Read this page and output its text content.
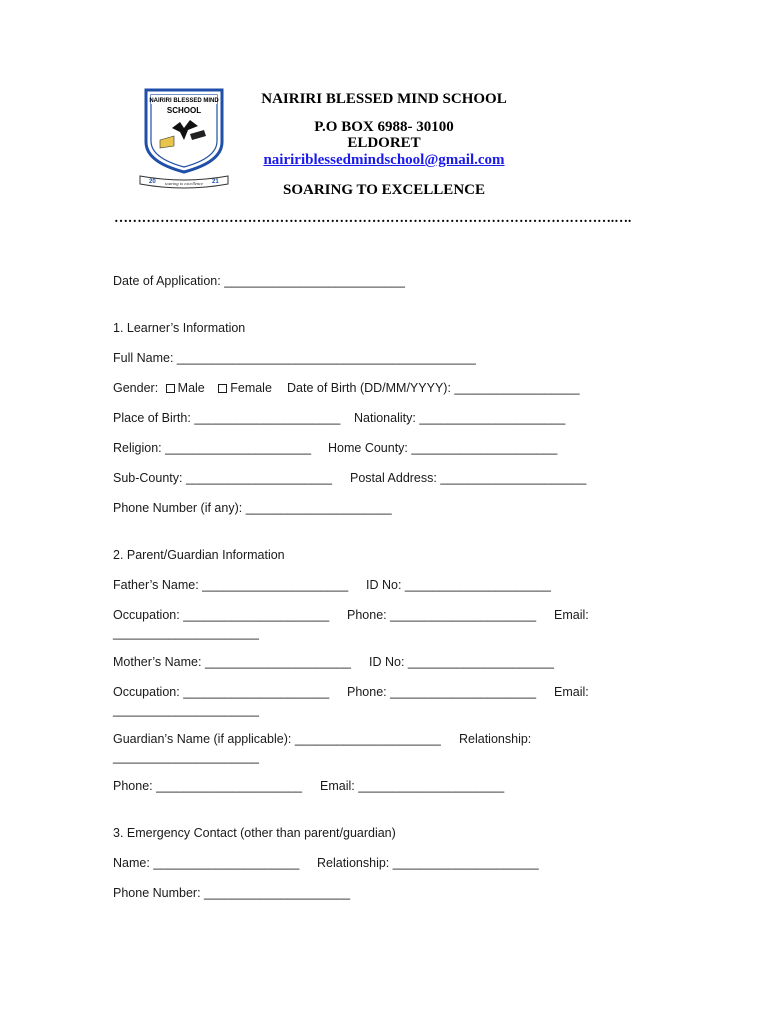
NAIRIRI BLESSED MIND
SCHOOL
20	21
soaring to excellence
NAIRIRI BLESSED MIND SCHOOL
P.O BOX 6988- 30100
ELDORET
naiririblessedmindschool@gmail.com
SOARING TO EXCELLENCE
……………………………………………………………………………………………….….
Date of Application: __________________________
1. Learner’s Information
Full Name: ___________________________________________
Gender: Male Female Date of Birth (DD/MM/YYYY): __________________
Place of Birth: _____________________ Nationality: _____________________
Religion: _____________________ Home County: _____________________
Sub-County: _____________________ Postal Address: _____________________
Phone Number (if any): _____________________
2. Parent/Guardian Information
Father’s Name: _____________________ ID No: _____________________
Occupation: _____________________ Phone: _____________________ Email:
_____________________
Mother’s Name: _____________________ ID No: _____________________
Occupation: _____________________ Phone: _____________________ Email:
_____________________
Guardian’s Name (if applicable): _____________________ Relationship:
_____________________
Phone: _____________________ Email: _____________________
3. Emergency Contact (other than parent/guardian)
Name: _____________________ Relationship: _____________________
Phone Number: _____________________
